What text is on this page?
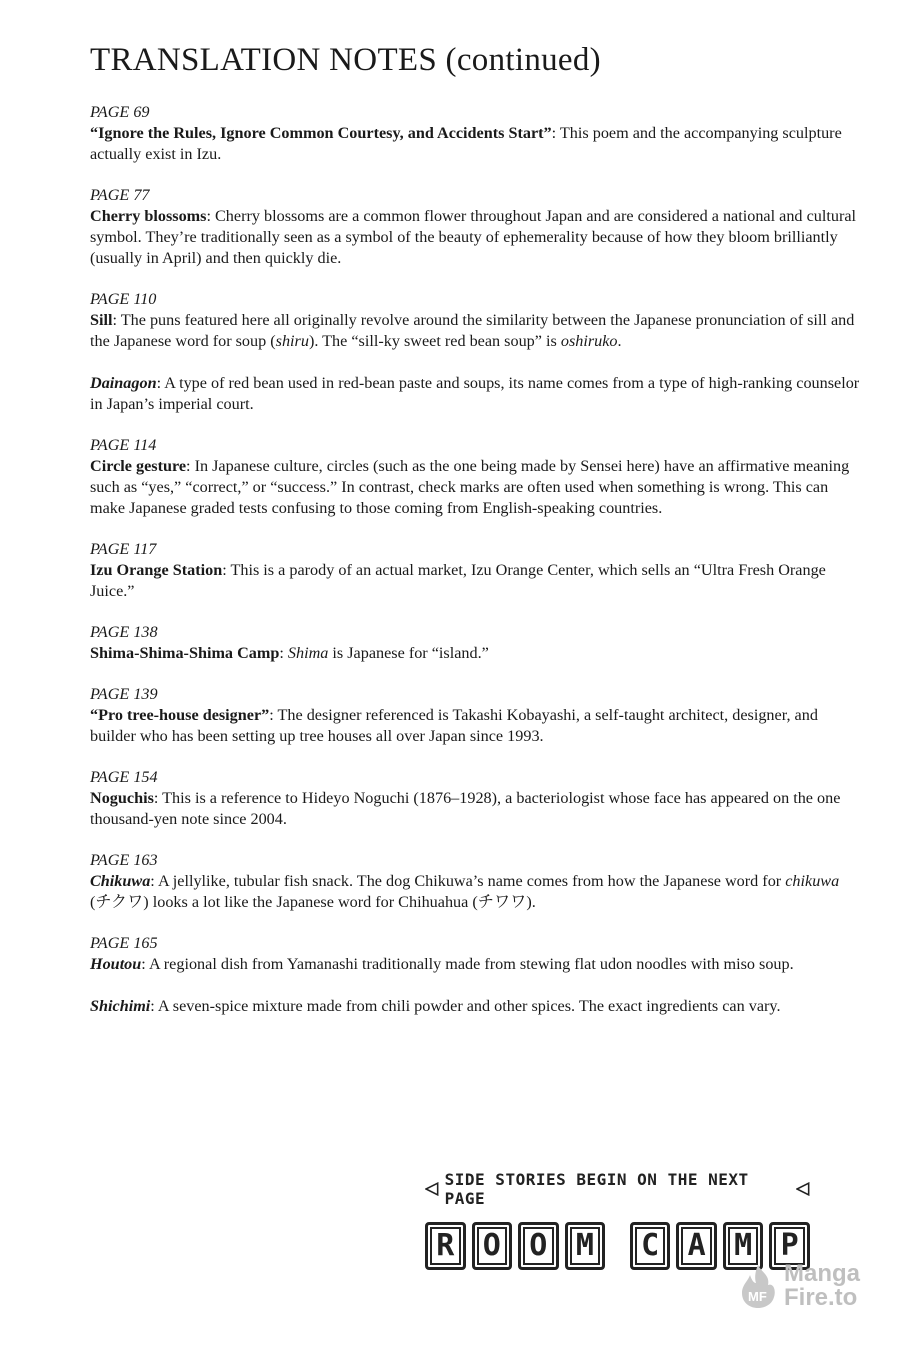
TRANSLATION NOTES (continued)
PAGE 69

“Ignore the Rules, Ignore Common Courtesy, and Accidents Start”: This poem and the accompanying sculpture actually exist in Izu.

PAGE 77

Cherry blossoms: Cherry blossoms are a common flower throughout Japan and are considered a national and cultural symbol. They’re traditionally seen as a symbol of the beauty of ephemerality because of how they bloom brilliantly (usually in April) and then quickly die.

PAGE 110

Sill: The puns featured here all originally revolve around the similarity between the Japanese pronunciation of sill and the Japanese word for soup (shiru). The “sill-ky sweet red bean soup” is oshiruko.

Dainagon: A type of red bean used in red-bean paste and soups, its name comes from a type of high-ranking counselor in Japan’s imperial court.

PAGE 114

Circle gesture: In Japanese culture, circles (such as the one being made by Sensei here) have an affirmative meaning such as “yes,” “correct,” or “success.” In contrast, check marks are often used when something is wrong. This can make Japanese graded tests confusing to those coming from English-speaking countries.

PAGE 117

Izu Orange Station: This is a parody of an actual market, Izu Orange Center, which sells an “Ultra Fresh Orange Juice.”

PAGE 138

Shima-Shima-Shima Camp: Shima is Japanese for “island.”

PAGE 139

“Pro tree-house designer”: The designer referenced is Takashi Kobayashi, a self-taught architect, designer, and builder who has been setting up tree houses all over Japan since 1993.

PAGE 154

Noguchis: This is a reference to Hideyo Noguchi (1876–1928), a bacteriologist whose face has appeared on the one thousand-yen note since 2004.

PAGE 163

Chikuwa: A jellylike, tubular fish snack. The dog Chikuwa’s name comes from how the Japanese word for chikuwa (チクワ) looks a lot like the Japanese word for Chihuahua (チワワ).

PAGE 165

Houtou: A regional dish from Yamanashi traditionally made from stewing flat udon noodles with miso soup.

Shichimi: A seven-spice mixture made from chili powder and other spices. The exact ingredients can vary.

SIDE STORIES BEGIN ON THE NEXT PAGE
R O O M	C A M P
MF
Manga
Fire.to
